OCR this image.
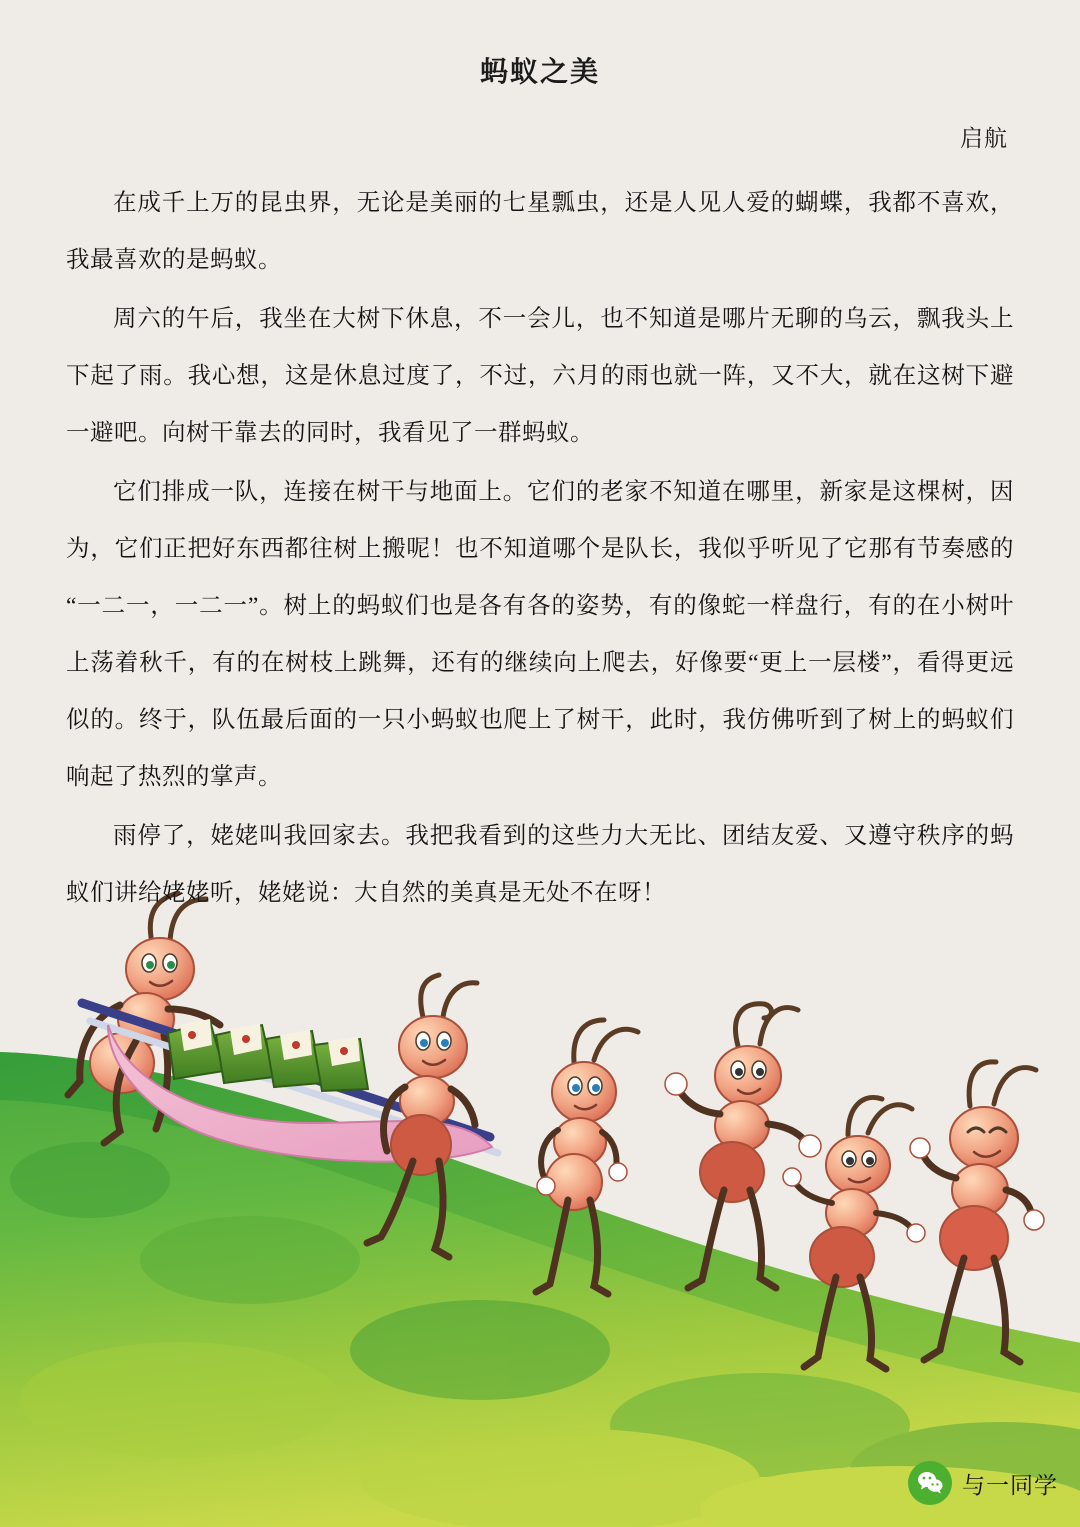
蚂蚁之美
启航

在成千上万的昆虫界，无论是美丽的七星瓢虫，还是人见人爱的蝴蝶，我都不喜欢，我最喜欢的是蚂蚁。

周六的午后，我坐在大树下休息，不一会儿，也不知道是哪片无聊的乌云，飘我头上下起了雨。我心想，这是休息过度了，不过，六月的雨也就一阵，又不大，就在这树下避一避吧。向树干靠去的同时，我看见了一群蚂蚁。

它们排成一队，连接在树干与地面上。它们的老家不知道在哪里，新家是这棵树，因为，它们正把好东西都往树上搬呢！也不知道哪个是队长，我似乎听见了它那有节奏感的“一二一，一二一”。树上的蚂蚁们也是各有各的姿势，有的像蛇一样盘行，有的在小树叶上荡着秋千，有的在树枝上跳舞，还有的继续向上爬去，好像要“更上一层楼”，看得更远似的。终于，队伍最后面的一只小蚂蚁也爬上了树干，此时，我仿佛听到了树上的蚂蚁们响起了热烈的掌声。

雨停了，姥姥叫我回家去。我把我看到的这些力大无比、团结友爱、又遵守秩序的蚂蚁们讲给姥姥听，姥姥说：大自然的美真是无处不在呀！

与一同学
